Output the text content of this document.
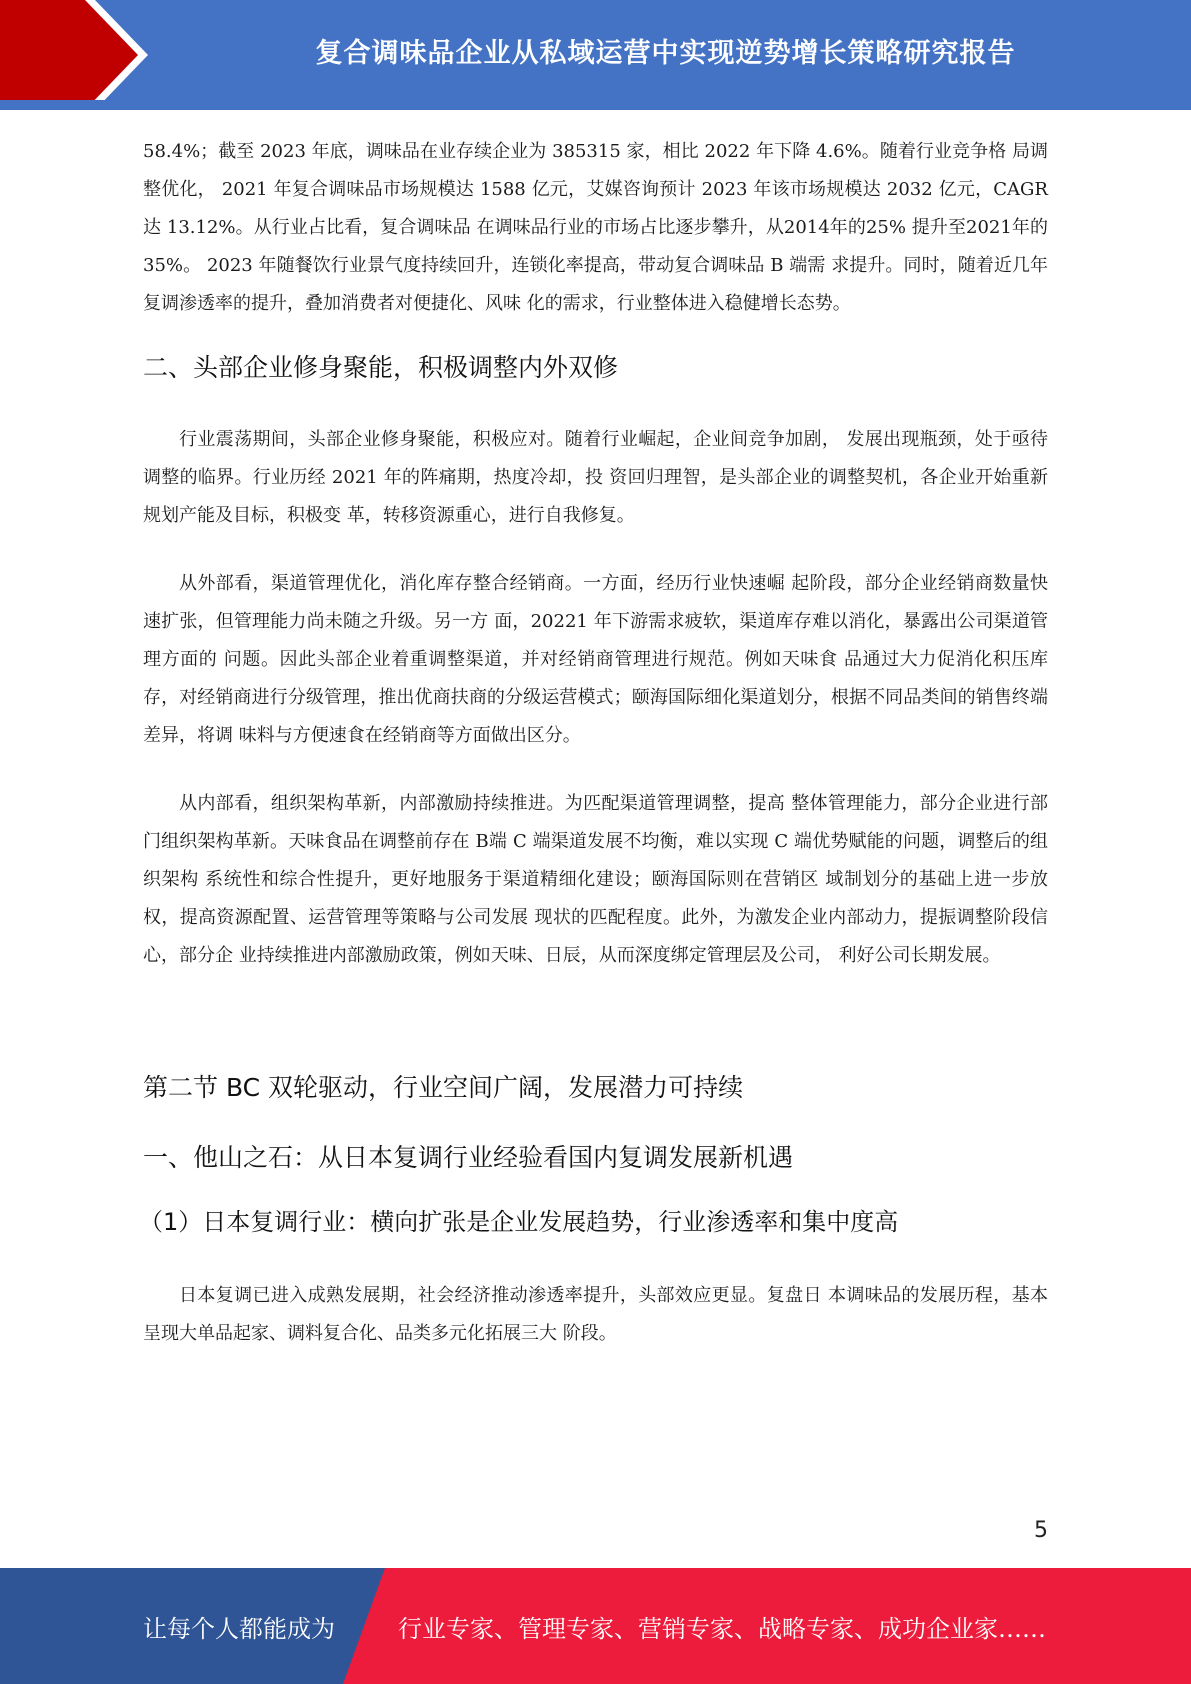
复合调味品企业从私域运营中实现逆势增长策略研究报告

58.4%；截至 2023 年底，调味品在业存续企业为 385315 家，相比 2022 年下降 4.6%。随着行业竞争格 局调整优化， 2021 年复合调味品市场规模达 1588 亿元，艾媒咨询预计 2023 年该市场规模达 2032 亿元，CAGR 达 13.12%。从行业占比看，复合调味品 在调味品行业的市场占比逐步攀升，从2014年的25% 提升至2021年的35%。 2023 年随餐饮行业景气度持续回升，连锁化率提高，带动复合调味品 B 端需 求提升。同时，随着近几年复调渗透率的提升，叠加消费者对便捷化、风味 化的需求，行业整体进入稳健增长态势。

二、头部企业修身聚能，积极调整内外双修

行业震荡期间，头部企业修身聚能，积极应对。随着行业崛起，企业间竞争加剧， 发展出现瓶颈，处于亟待调整的临界。行业历经 2021 年的阵痛期，热度冷却，投 资回归理智，是头部企业的调整契机，各企业开始重新规划产能及目标，积极变 革，转移资源重心，进行自我修复。

从外部看，渠道管理优化，消化库存整合经销商。一方面，经历行业快速崛 起阶段，部分企业经销商数量快速扩张，但管理能力尚未随之升级。另一方 面，20221 年下游需求疲软，渠道库存难以消化，暴露出公司渠道管理方面的 问题。因此头部企业着重调整渠道，并对经销商管理进行规范。例如天味食 品通过大力促消化积压库存，对经销商进行分级管理，推出优商扶商的分级运营模式；颐海国际细化渠道划分，根据不同品类间的销售终端差异，将调 味料与方便速食在经销商等方面做出区分。

从内部看，组织架构革新，内部激励持续推进。为匹配渠道管理调整，提高 整体管理能力，部分企业进行部门组织架构革新。天味食品在调整前存在 B端 C 端渠道发展不均衡，难以实现 C 端优势赋能的问题，调整后的组织架构 系统性和综合性提升，更好地服务于渠道精细化建设；颐海国际则在营销区 域制划分的基础上进一步放权，提高资源配置、运营管理等策略与公司发展 现状的匹配程度。此外，为激发企业内部动力，提振调整阶段信心，部分企 业持续推进内部激励政策，例如天味、日辰，从而深度绑定管理层及公司， 利好公司长期发展。

第二节 BC 双轮驱动，行业空间广阔，发展潜力可持续
一、他山之石：从日本复调行业经验看国内复调发展新机遇
（1）日本复调行业：横向扩张是企业发展趋势，行业渗透率和集中度高

日本复调已进入成熟发展期，社会经济推动渗透率提升，头部效应更显。复盘日 本调味品的发展历程，基本呈现大单品起家、调料复合化、品类多元化拓展三大 阶段。

5
让每个人都能成为	行业专家、管理专家、营销专家、战略专家、成功企业家……
